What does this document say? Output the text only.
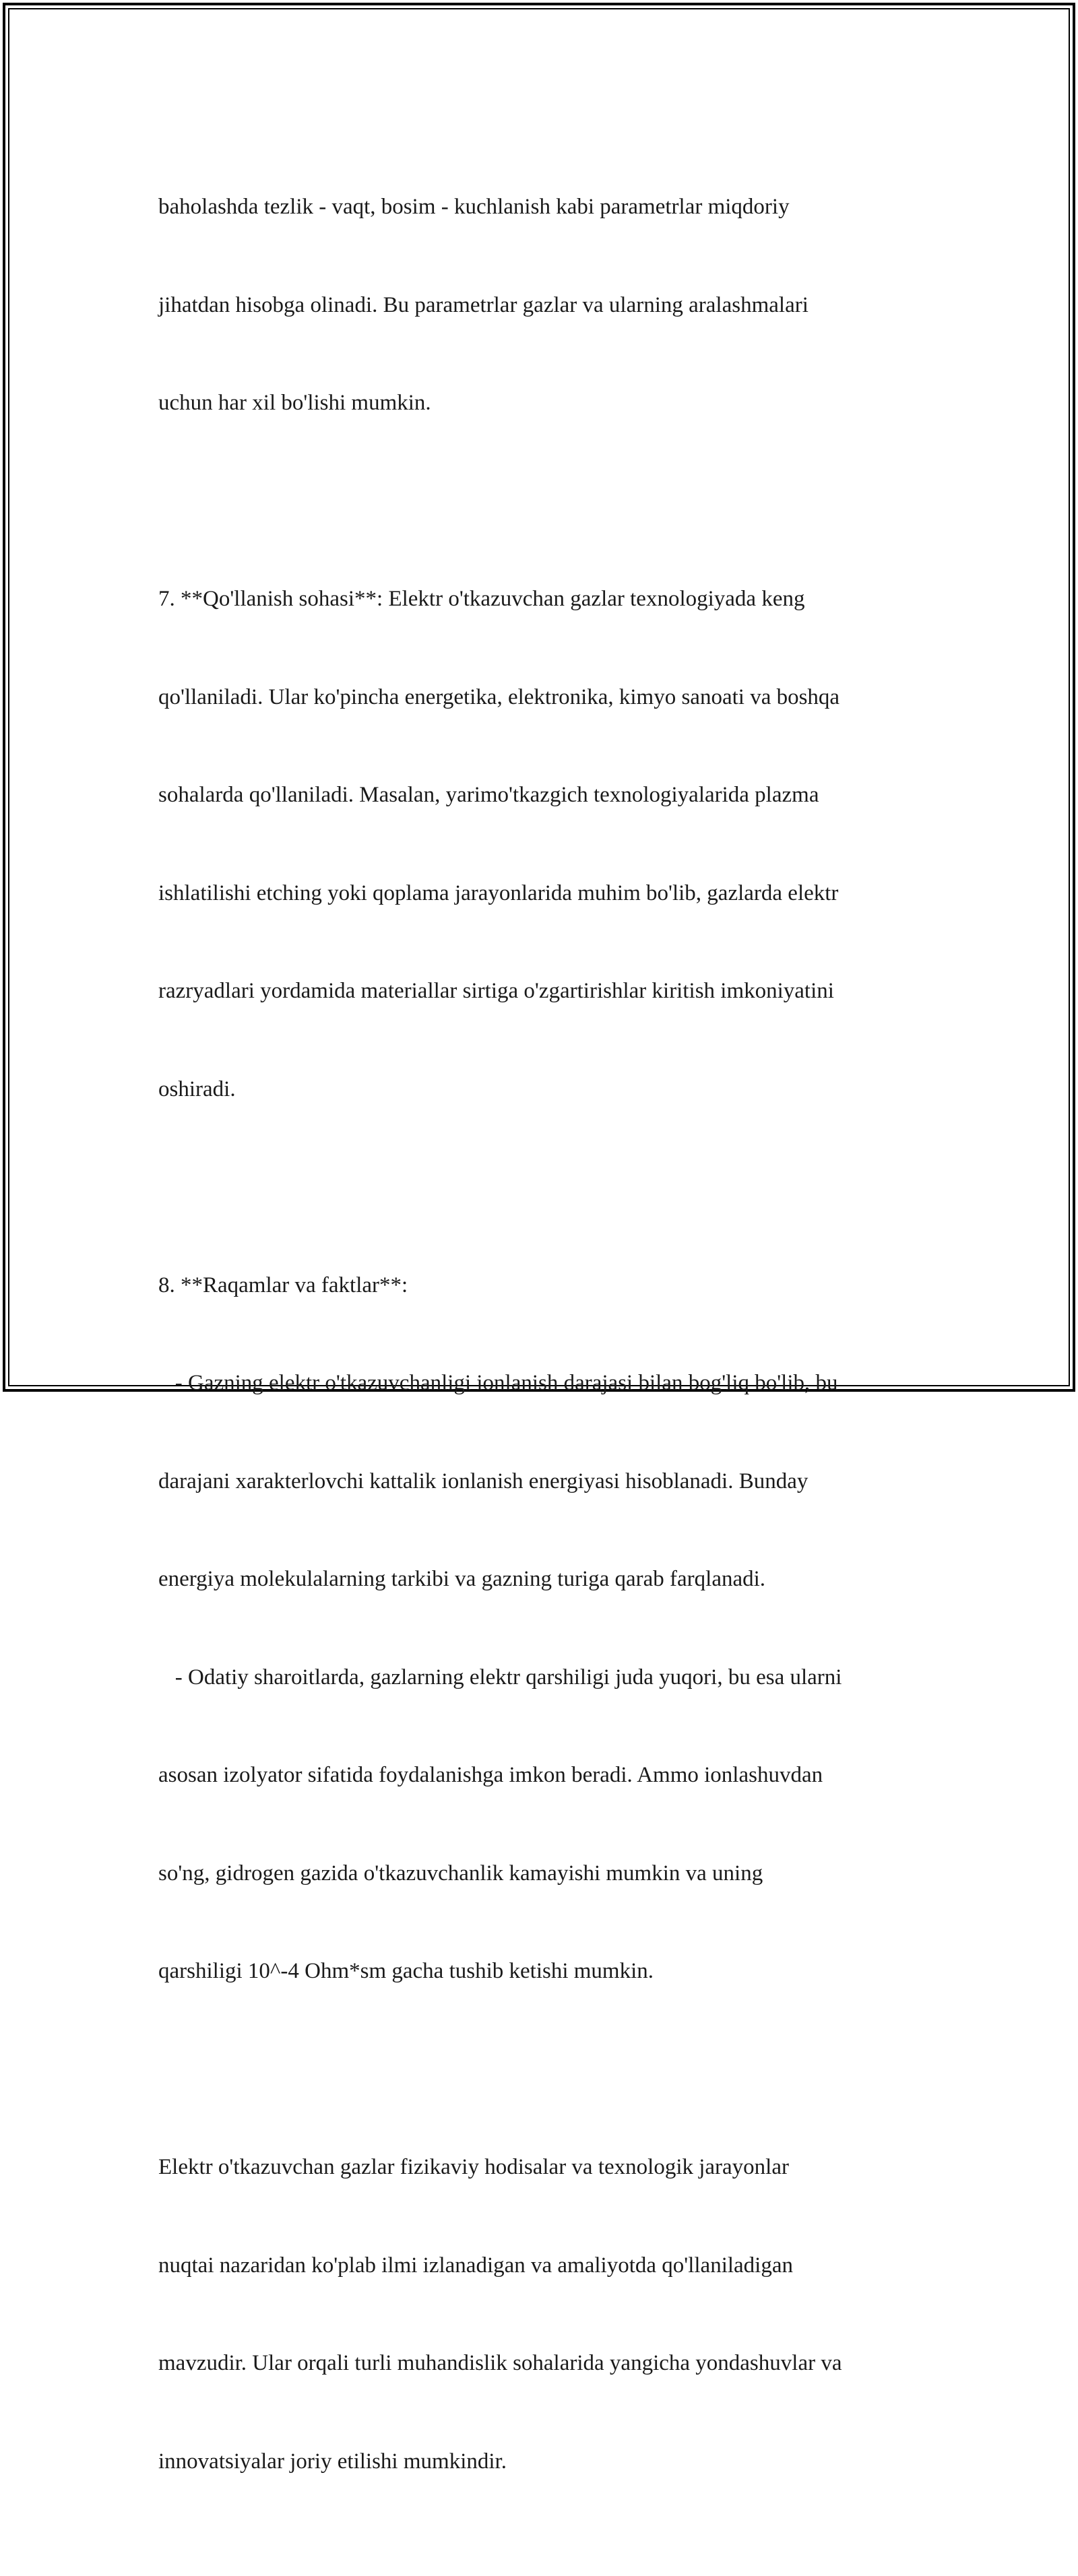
baholashda tezlik - vaqt, bosim - kuchlanish kabi parametrlar miqdoriy

jihatdan hisobga olinadi. Bu parametrlar gazlar va ularning aralashmalari

uchun har xil bo'lishi mumkin.

7. **Qo'llanish sohasi**: Elektr o'tkazuvchan gazlar texnologiyada keng

qo'llaniladi. Ular ko'pincha energetika, elektronika, kimyo sanoati va boshqa

sohalarda qo'llaniladi. Masalan, yarimo'tkazgich texnologiyalarida plazma

ishlatilishi etching yoki qoplama jarayonlarida muhim bo'lib, gazlarda elektr

razryadlari yordamida materiallar sirtiga o'zgartirishlar kiritish imkoniyatini

oshiradi.

8. **Raqamlar va faktlar**:

- Gazning elektr o'tkazuvchanligi ionlanish darajasi bilan bog'liq bo'lib, bu

darajani xarakterlovchi kattalik ionlanish energiyasi hisoblanadi. Bunday

energiya molekulalarning tarkibi va gazning turiga qarab farqlanadi.

- Odatiy sharoitlarda, gazlarning elektr qarshiligi juda yuqori, bu esa ularni

asosan izolyator sifatida foydalanishga imkon beradi. Ammo ionlashuvdan

so'ng, gidrogen gazida o'tkazuvchanlik kamayishi mumkin va uning

qarshiligi 10^-4 Ohm*sm gacha tushib ketishi mumkin.

Elektr o'tkazuvchan gazlar fizikaviy hodisalar va texnologik jarayonlar

nuqtai nazaridan ko'plab ilmi izlanadigan va amaliyotda qo'llaniladigan

mavzudir. Ular orqali turli muhandislik sohalarida yangicha yondashuvlar va

innovatsiyalar joriy etilishi mumkindir.
